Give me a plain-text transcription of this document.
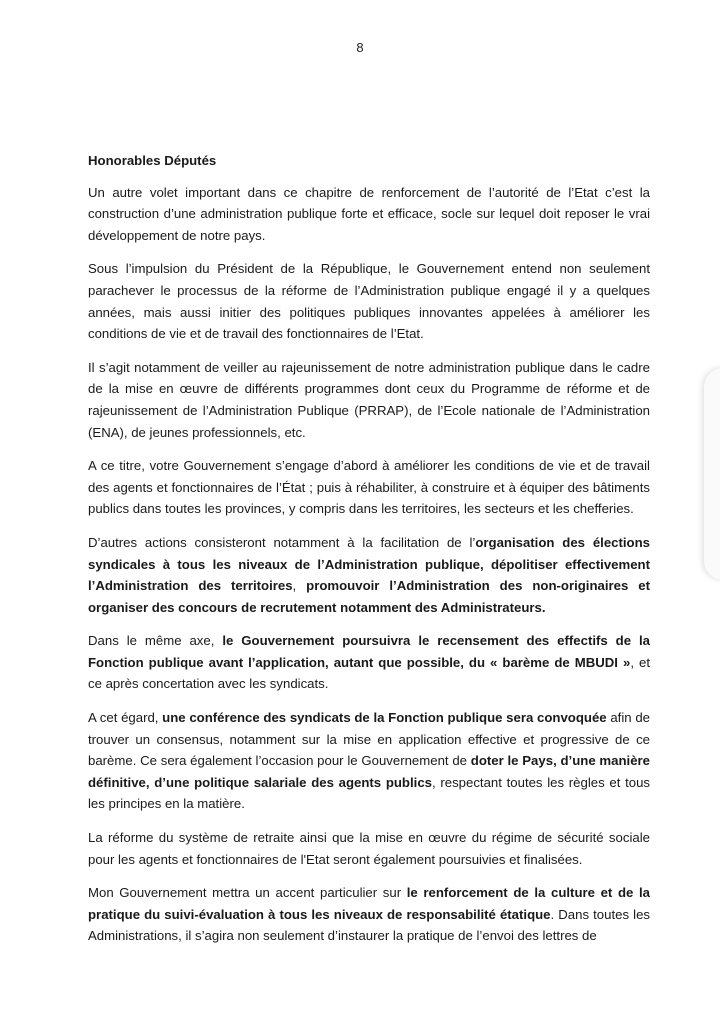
8

Honorables Députés

Un autre volet important dans ce chapitre de renforcement de l’autorité de l’Etat c’est la construction d’une administration publique forte et efficace, socle sur lequel doit reposer le vrai développement de notre pays.

Sous l’impulsion du Président de la République, le Gouvernement entend non seulement parachever le processus de la réforme de l’Administration publique engagé il y a quelques années, mais aussi initier des politiques publiques innovantes appelées à améliorer les conditions de vie et de travail des fonctionnaires de l’Etat.

Il s’agit notamment de veiller au rajeunissement de notre administration publique dans le cadre de la mise en œuvre de différents programmes dont ceux du Programme de réforme et de rajeunissement de l’Administration Publique (PRRAP), de l’Ecole nationale de l’Administration (ENA), de jeunes professionnels, etc.

A ce titre, votre Gouvernement s’engage d’abord à améliorer les conditions de vie et de travail des agents et fonctionnaires de l’État ; puis à réhabiliter, à construire et à équiper des bâtiments publics dans toutes les provinces, y compris dans les territoires, les secteurs et les chefferies.

D’autres actions consisteront notamment à la facilitation de l’organisation des élections syndicales à tous les niveaux de l’Administration publique, dépolitiser effectivement l’Administration des territoires, promouvoir l’Administration des non-originaires et organiser des concours de recrutement notamment des Administrateurs.

Dans le même axe, le Gouvernement poursuivra le recensement des effectifs de la Fonction publique avant l’application, autant que possible, du « barème de MBUDI », et ce après concertation avec les syndicats.

A cet égard, une conférence des syndicats de la Fonction publique sera convoquée afin de trouver un consensus, notamment sur la mise en application effective et progressive de ce barème. Ce sera également l’occasion pour le Gouvernement de doter le Pays, d’une manière définitive, d’une politique salariale des agents publics, respectant toutes les règles et tous les principes en la matière.

La réforme du système de retraite ainsi que la mise en œuvre du régime de sécurité sociale pour les agents et fonctionnaires de l'Etat seront également poursuivies et finalisées.

Mon Gouvernement mettra un accent particulier sur le renforcement de la culture et de la pratique du suivi-évaluation à tous les niveaux de responsabilité étatique. Dans toutes les Administrations, il s’agira non seulement d’instaurer la pratique de l’envoi des lettres de
